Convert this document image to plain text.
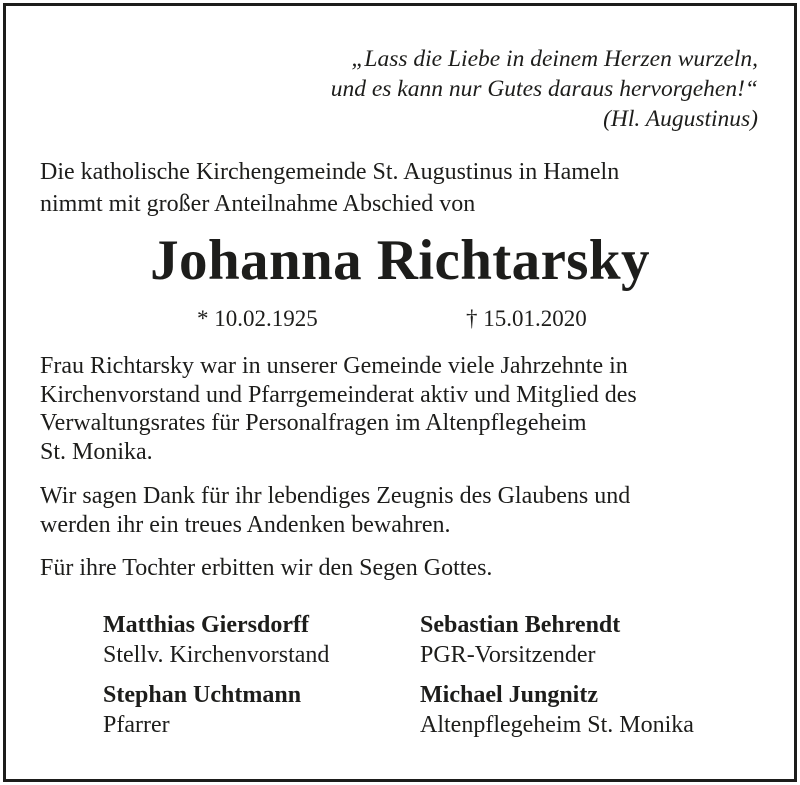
„Lass die Liebe in deinem Herzen wurzeln,
und es kann nur Gutes daraus hervorgehen!“
(Hl. Augustinus)
Die katholische Kirchengemeinde St. Augustinus in Hameln
nimmt mit großer Anteilnahme Abschied von
Johanna Richtarsky
* 10.02.1925	† 15.01.2020
Frau Richtarsky war in unserer Gemeinde viele Jahrzehnte in
Kirchenvorstand und Pfarrgemeinderat aktiv und Mitglied des
Verwaltungsrates für Personalfragen im Altenpflegeheim
St. Monika.
Wir sagen Dank für ihr lebendiges Zeugnis des Glaubens und
werden ihr ein treues Andenken bewahren.
Für ihre Tochter erbitten wir den Segen Gottes.
Matthias Giersdorff
Stellv. Kirchenvorstand
Sebastian Behrendt
PGR-Vorsitzender
Stephan Uchtmann
Pfarrer
Michael Jungnitz
Altenpflegeheim St. Monika
